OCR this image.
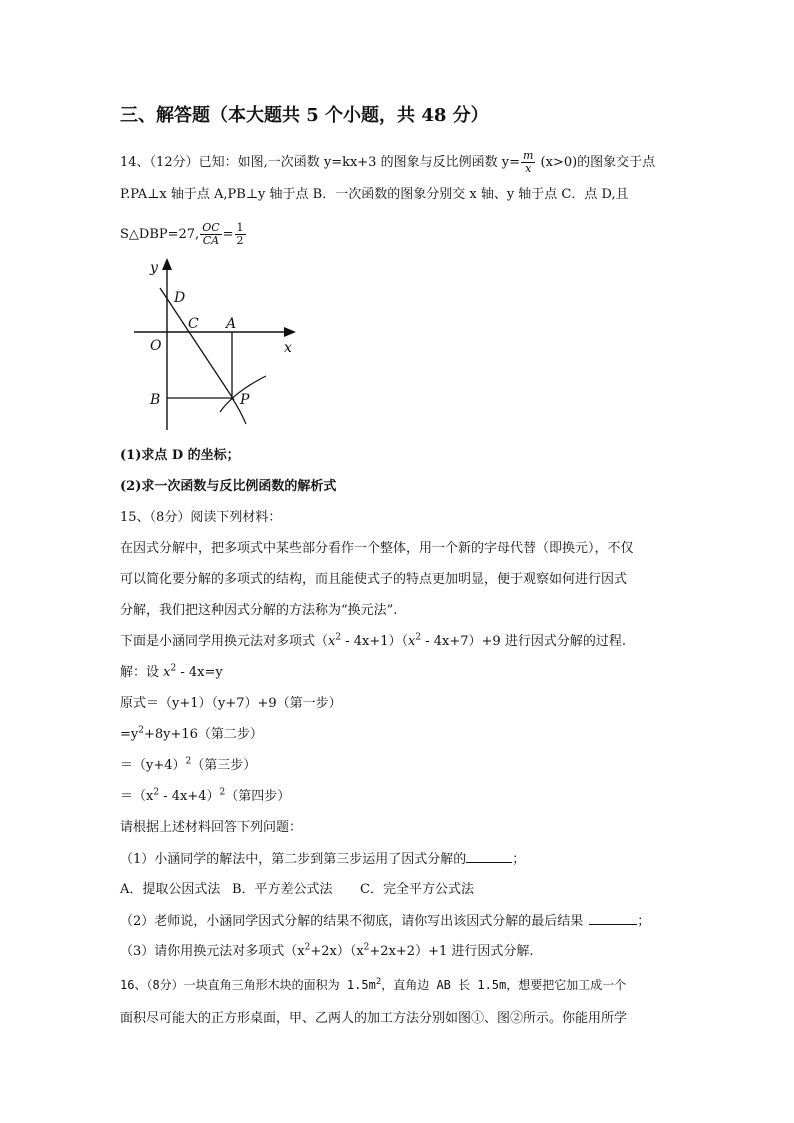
三、解答题（本大题共 5 个小题，共 48 分）
14、（12分）已知：如图,一次函数 y=kx+3 的图象与反比例函数 $y= \frac{m}{x} (x>0)$的图象交于点
P.PA⊥x 轴于点 A,PB⊥y 轴于点 B．一次函数的图象分别交 x 轴、y 轴于点 C．点 D,且
S△DBP=27, $\frac{OC}{CA} = \frac{1}{2}$
y
x
D
C A
O
B	P
(1)求点 D 的坐标；
(2)求一次函数与反比例函数的解析式
15、（8分）阅读下列材料：
在因式分解中，把多项式中某些部分看作一个整体，用一个新的字母代替（即换元），不仅
可以简化要分解的多项式的结构，而且能使式子的特点更加明显，便于观察如何进行因式
分解，我们把这种因式分解的方法称为“换元法”.
下面是小涵同学用换元法对多项式$(x^2 - 4x+1)(x^2 - 4x+7)+9$ 进行因式分解的过程.
解：设 $x^2 - 4x=y$
原式＝（y+1）（y+7）+9（第一步）
$=y^2+8y+16$（第二步）
$=(y+4)^2$（第三步）
$=(x^2 - 4x+4)^2$（第四步）
请根据上述材料回答下列问题：
（1）小涵同学的解法中，第二步到第三步运用了因式分解的	；
A．提取公因式法 B．平方差公式法 C．完全平方公式法
（2）老师说，小涵同学因式分解的结果不彻底，请你写出该因式分解的最后结果	；
（3）请你用换元法对多项式$(x^2+2x)(x^2+2x+2)+1$ 进行因式分解.
16、（8分）一块直角三角形木块的面积为 $1.5m^2$，直角边 AB 长 1.5m，想要把它加工成一个
面积尽可能大的正方形桌面，甲、乙两人的加工方法分别如图①、图②所示。你能用所学
